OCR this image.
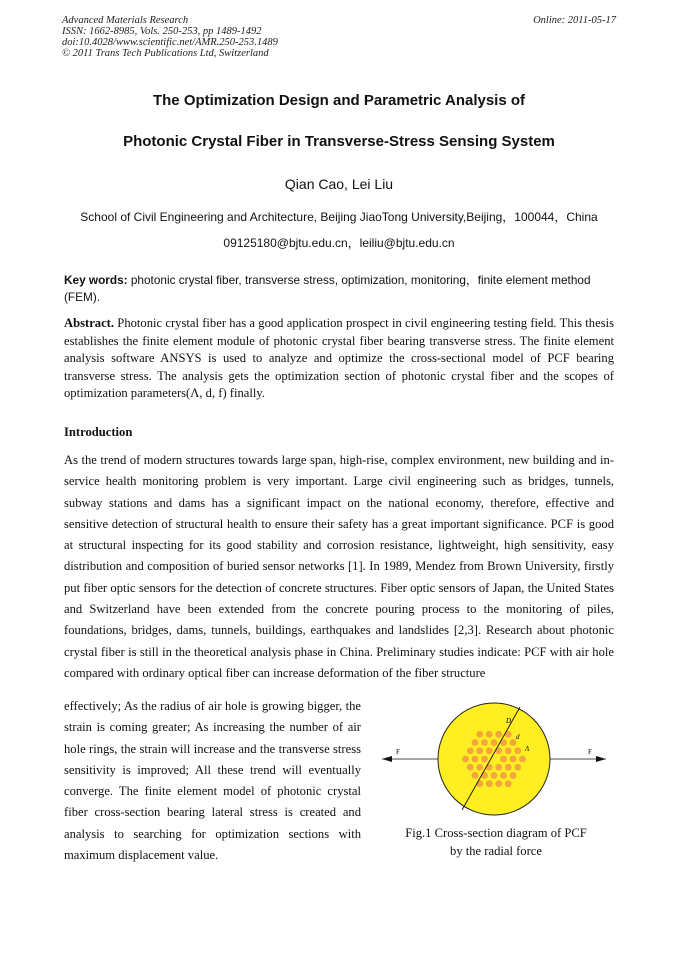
Advanced Materials Research
ISSN: 1662-8985, Vols. 250-253, pp 1489-1492
doi:10.4028/www.scientific.net/AMR.250-253.1489
© 2011 Trans Tech Publications Ltd, Switzerland
Online: 2011-05-17
The Optimization Design and Parametric Analysis of
Photonic Crystal Fiber in Transverse-Stress Sensing System
Qian Cao, Lei Liu
School of Civil Engineering and Architecture, Beijing JiaoTong University,Beijing，100044，China
09125180@bjtu.edu.cn，leiliu@bjtu.edu.cn
Key words: photonic crystal fiber, transverse stress, optimization, monitoring，finite element method (FEM).
Abstract. Photonic crystal fiber has a good application prospect in civil engineering testing field. This thesis establishes the finite element module of photonic crystal fiber bearing transverse stress. The finite element analysis software ANSYS is used to analyze and optimize the cross-sectional model of PCF bearing transverse stress. The analysis gets the optimization section of photonic crystal fiber and the scopes of optimization parameters(Λ, d, f) finally.
Introduction
As the trend of modern structures towards large span, high-rise, complex environment, new building and in-service health monitoring problem is very important. Large civil engineering such as bridges, tunnels, subway stations and dams has a significant impact on the national economy, therefore, effective and sensitive detection of structural health to ensure their safety has a great important significance. PCF is good at structural inspecting for its good stability and corrosion resistance, lightweight, high sensitivity, easy distribution and composition of buried sensor networks [1]. In 1989, Mendez from Brown University, firstly put fiber optic sensors for the detection of concrete structures. Fiber optic sensors of Japan, the United States and Switzerland have been extended from the concrete pouring process to the monitoring of piles, foundations, bridges, dams, tunnels, buildings, earthquakes and landslides [2,3]. Research about photonic crystal fiber is still in the theoretical analysis phase in China. Preliminary studies indicate: PCF with air hole compared with ordinary optical fiber can increase deformation of the fiber structure
effectively; As the radius of air hole is growing bigger, the strain is coming greater; As increasing the number of air hole rings, the strain will increase and the transverse stress sensitivity is improved; All these trend will eventually converge. The finite element model of photonic crystal fiber cross-section bearing lateral stress is created and analysis to searching for optimization sections with maximum displacement value.
F	F
D
d
Λ
Fig.1 Cross-section diagram of PCF
by the radial force
